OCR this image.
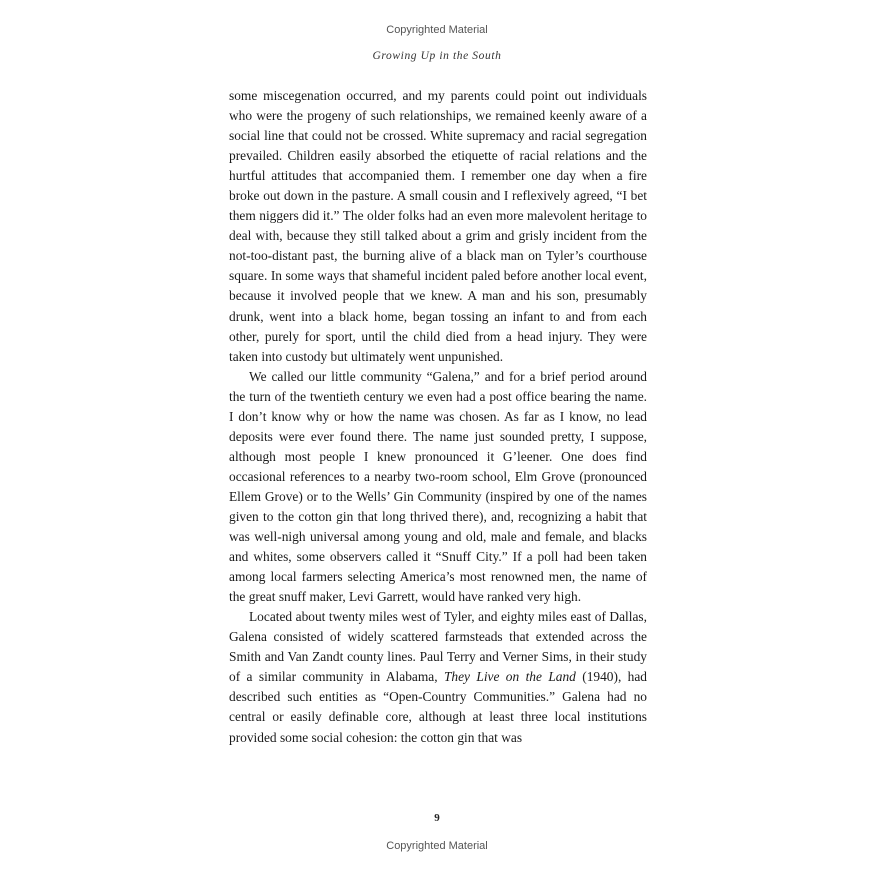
Copyrighted Material
Growing Up in the South

some miscegenation occurred, and my parents could point out individuals who were the progeny of such relationships, we remained keenly aware of a social line that could not be crossed. White supremacy and racial segregation prevailed. Children easily absorbed the etiquette of racial relations and the hurtful attitudes that accompanied them. I remember one day when a fire broke out down in the pasture. A small cousin and I reflexively agreed, “I bet them niggers did it.” The older folks had an even more malevolent heritage to deal with, because they still talked about a grim and grisly incident from the not-too-distant past, the burning alive of a black man on Tyler’s courthouse square. In some ways that shameful incident paled before another local event, because it involved people that we knew. A man and his son, presumably drunk, went into a black home, began tossing an infant to and from each other, purely for sport, until the child died from a head injury. They were taken into custody but ultimately went unpunished.

We called our little community “Galena,” and for a brief period around the turn of the twentieth century we even had a post office bearing the name. I don’t know why or how the name was chosen. As far as I know, no lead deposits were ever found there. The name just sounded pretty, I suppose, although most people I knew pronounced it G’leener. One does find occasional references to a nearby two-room school, Elm Grove (pronounced Ellem Grove) or to the Wells’ Gin Community (inspired by one of the names given to the cotton gin that long thrived there), and, recognizing a habit that was well-nigh universal among young and old, male and female, and blacks and whites, some observers called it “Snuff City.” If a poll had been taken among local farmers selecting America’s most renowned men, the name of the great snuff maker, Levi Garrett, would have ranked very high.

Located about twenty miles west of Tyler, and eighty miles east of Dallas, Galena consisted of widely scattered farmsteads that extended across the Smith and Van Zandt county lines. Paul Terry and Verner Sims, in their study of a similar community in Alabama, They Live on the Land (1940), had described such entities as “Open-Country Communities.” Galena had no central or easily definable core, although at least three local institutions provided some social cohesion: the cotton gin that was

9
Copyrighted Material
